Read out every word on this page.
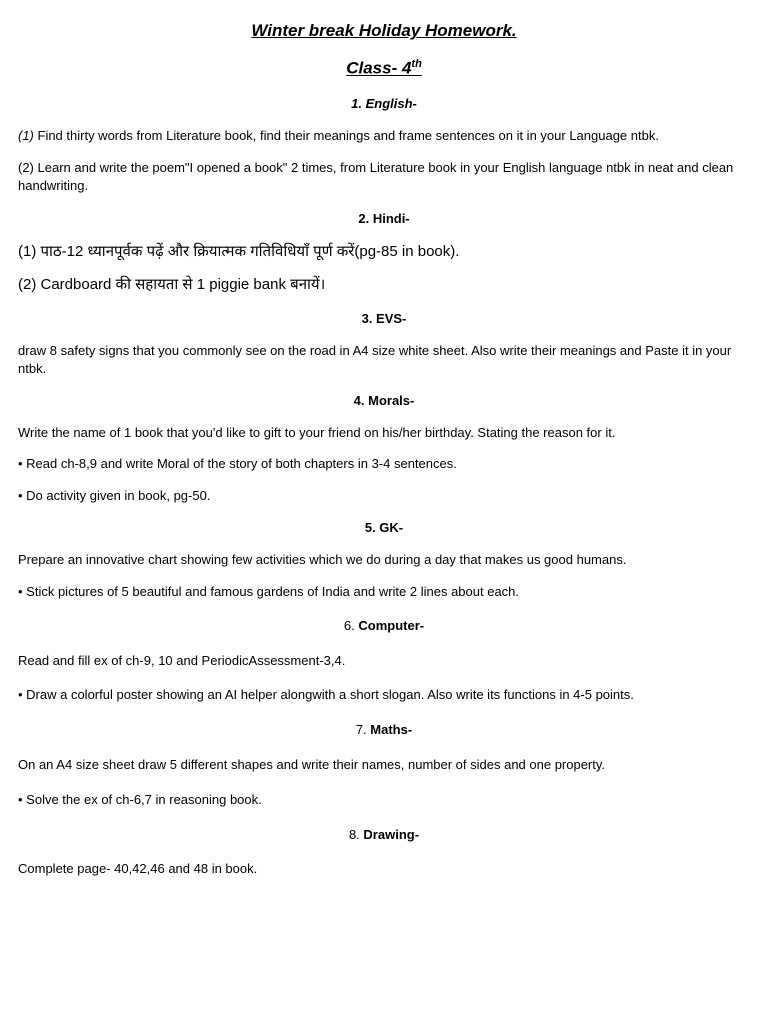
Winter break Holiday Homework.
Class- 4th
1. English-
(1) Find thirty words from Literature book, find their meanings and frame sentences on it in your Language ntbk.
(2) Learn and write the poem"I opened a book" 2 times, from Literature book in your English language ntbk in neat and clean handwriting.
2. Hindi-
(1) पाठ-12 ध्यानपूर्वक पढ़ें और क्रियात्मक गतिविधियाँ पूर्ण करें(pg-85 in book).
(2) Cardboard की सहायता से 1 piggie bank बनायें।
3. EVS-
draw 8 safety signs that you commonly see on the road in A4 size white sheet. Also write their meanings and Paste it in your ntbk.
4. Morals-
Write the name of 1 book that you'd like to gift to your friend on his/her birthday. Stating the reason for it.
• Read ch-8,9 and write Moral of the story of both chapters in 3-4 sentences.
• Do activity given in book, pg-50.
5. GK-
Prepare an innovative chart showing few activities which we do during a day that makes us good humans.
• Stick pictures of 5 beautiful and famous gardens of India and write 2 lines about each.
6. Computer-
Read and fill ex of ch-9, 10 and PeriodicAssessment-3,4.
• Draw a colorful poster showing an AI helper alongwith a short slogan. Also write its functions in 4-5 points.
7. Maths-
On an A4 size sheet draw 5 different shapes and write their names, number of sides and one property.
• Solve the ex of ch-6,7 in reasoning book.
8. Drawing-
Complete page- 40,42,46 and 48 in book.
